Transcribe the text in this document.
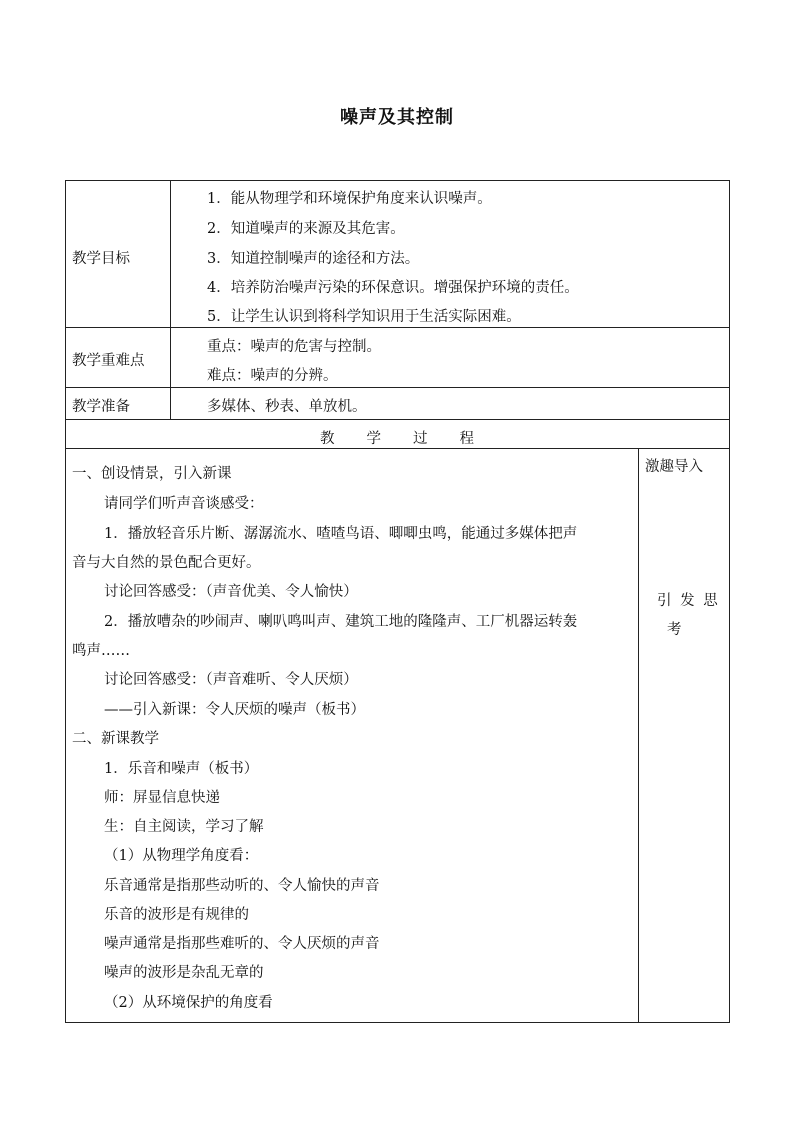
噪声及其控制
教学目标
1．能从物理学和环境保护角度来认识噪声。
2．知道噪声的来源及其危害。
3．知道控制噪声的途径和方法。
4．培养防治噪声污染的环保意识。增强保护环境的责任。
5．让学生认识到将科学知识用于生活实际困难。
教学重难点
重点：噪声的危害与控制。
难点：噪声的分辨。
教学准备	多媒体、秒表、单放机。
教 学 过 程
一、创设情景，引入新课
请同学们听声音谈感受：
1．播放轻音乐片断、潺潺流水、喳喳鸟语、唧唧虫鸣，能通过多媒体把声
音与大自然的景色配合更好。
讨论回答感受：（声音优美、令人愉快）
2．播放嘈杂的吵闹声、喇叭鸣叫声、建筑工地的隆隆声、工厂机器运转轰
鸣声……
讨论回答感受：（声音难听、令人厌烦）
——引入新课：令人厌烦的噪声（板书）
二、新课教学
1．乐音和噪声（板书）
师：屏显信息快递
生：自主阅读，学习了解
（1）从物理学角度看：
乐音通常是指那些动听的、令人愉快的声音
乐音的波形是有规律的
噪声通常是指那些难听的、令人厌烦的声音
噪声的波形是杂乱无章的
（2）从环境保护的角度看
激趣导入
引 发 思
考
